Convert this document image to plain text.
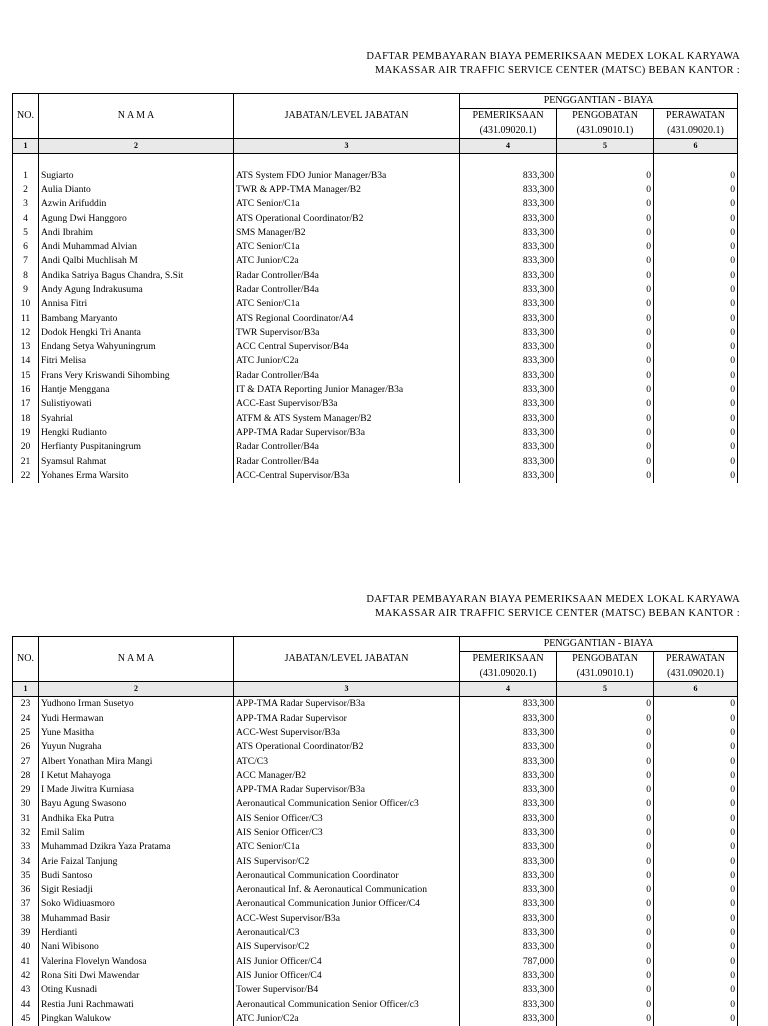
DAFTAR PEMBAYARAN BIAYA PEMERIKSAAN MEDEX LOKAL KARYAWA
MAKASSAR AIR TRAFFIC SERVICE CENTER (MATSC) BEBAN KANTOR :
NO.	N A M A	JABATAN/LEVEL JABATAN	PENGGANTIAN - BIAYA			
			PEMERIKSAAN	PENGOBATAN	PERAWATAN	
			(431.09020.1)	(431.09010.1)	(431.09020.1)	
1	2	3	4	5	6	

1	Sugiarto	ATS System FDO Junior Manager/B3a	833,300	0	0	
2	Aulia Dianto	TWR & APP-TMA Manager/B2	833,300	0	0	
3	Azwin Arifuddin	ATC Senior/C1a	833,300	0	0	
4	Agung Dwi Hanggoro	ATS Operational Coordinator/B2	833,300	0	0	
5	Andi Ibrahim	SMS Manager/B2	833,300	0	0	
6	Andi Muhammad Alvian	ATC Senior/C1a	833,300	0	0	
7	Andi Qalbi Muchlisah M	ATC Junior/C2a	833,300	0	0	
8	Andika Satriya Bagus Chandra, S.Sit	Radar Controller/B4a	833,300	0	0	
9	Andy Agung Indrakusuma	Radar Controller/B4a	833,300	0	0	
10	Annisa Fitri	ATC Senior/C1a	833,300	0	0	
11	Bambang Maryanto	ATS Regional Coordinator/A4	833,300	0	0	
12	Dodok Hengki Tri Ananta	TWR Supervisor/B3a	833,300	0	0	
13	Endang Setya Wahyuningrum	ACC Central Supervisor/B4a	833,300	0	0	
14	Fitri Melisa	ATC Junior/C2a	833,300	0	0	
15	Frans Very Kriswandi Sihombing	Radar Controller/B4a	833,300	0	0	
16	Hantje Menggana	IT & DATA Reporting Junior Manager/B3a	833,300	0	0	
17	Sulistiyowati	ACC-East Supervisor/B3a	833,300	0	0	
18	Syahrial	ATFM & ATS System Manager/B2	833,300	0	0	
19	Hengki Rudianto	APP-TMA Radar Supervisor/B3a	833,300	0	0	
20	Herfianty Puspitaningrum	Radar Controller/B4a	833,300	0	0	
21	Syamsul Rahmat	Radar Controller/B4a	833,300	0	0	
22	Yohanes Erma Warsito	ACC-Central Supervisor/B3a	833,300	0	0	
DAFTAR PEMBAYARAN BIAYA PEMERIKSAAN MEDEX LOKAL KARYAWA
MAKASSAR AIR TRAFFIC SERVICE CENTER (MATSC) BEBAN KANTOR :
NO.	N A M A	JABATAN/LEVEL JABATAN	PENGGANTIAN - BIAYA			
			PEMERIKSAAN	PENGOBATAN	PERAWATAN	
			(431.09020.1)	(431.09010.1)	(431.09020.1)	
1	2	3	4	5	6	
23	Yudhono Irman Susetyo	APP-TMA Radar Supervisor/B3a	833,300	0	0	
24	Yudi Hermawan	APP-TMA Radar Supervisor	833,300	0	0	
25	Yune Masitha	ACC-West Supervisor/B3a	833,300	0	0	
26	Yuyun Nugraha	ATS Operational Coordinator/B2	833,300	0	0	
27	Albert Yonathan Mira Mangi	ATC/C3	833,300	0	0	
28	I Ketut Mahayoga	ACC Manager/B2	833,300	0	0	
29	I Made Jiwitra Kurniasa	APP-TMA Radar Supervisor/B3a	833,300	0	0	
30	Bayu Agung Swasono	Aeronautical Communication Senior Officer/c3	833,300	0	0	
31	Andhika Eka Putra	AIS Senior Officer/C3	833,300	0	0	
32	Emil Salim	AIS Senior Officer/C3	833,300	0	0	
33	Muhammad Dzikra Yaza Pratama	ATC Senior/C1a	833,300	0	0	
34	Arie Faizal Tanjung	AIS Supervisor/C2	833,300	0	0	
35	Budi Santoso	Aeronautical Communication Coordinator	833,300	0	0	
36	Sigit Resiadji	Aeronautical Inf. & Aeronautical Communication	833,300	0	0	
37	Soko Widiuasmoro	Aeronautical Communication Junior Officer/C4	833,300	0	0	
38	Muhammad Basir	ACC-West Supervisor/B3a	833,300	0	0	
39	Herdianti	Aeronautical/C3	833,300	0	0	
40	Nani Wibisono	AIS Supervisor/C2	833,300	0	0	
41	Valerina Flovelyn Wandosa	AIS Junior Officer/C4	787,000	0	0	
42	Rona Siti Dwi Mawendar	AIS Junior Officer/C4	833,300	0	0	
43	Oting Kusnadi	Tower Supervisor/B4	833,300	0	0	
44	Restia Juni Rachmawati	Aeronautical Communication Senior Officer/c3	833,300	0	0	
45	Pingkan Walukow	ATC Junior/C2a	833,300	0	0	
